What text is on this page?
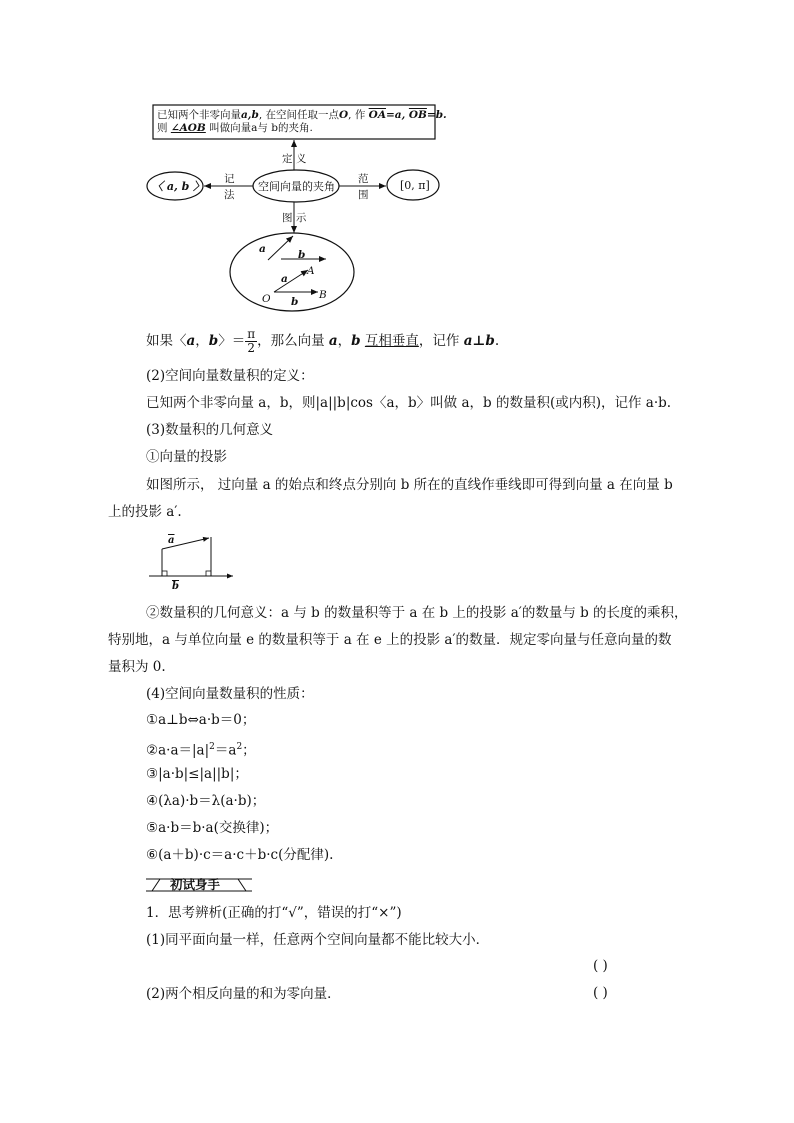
已知两个非零向量a,b, 在空间任取一点O, 作 $\overline{OA}=a$, $\overline{OB}=b$.
则 ∠AOB 叫做向量a与 b的夹角.
定 义
空间向量的夹角
〈 a, b 〉	[0, π]
记
法
范
围
图 示
a	b
a
A
O b
B
如果〈a，b〉＝ $\frac{\pi}{2}$ ，那么向量 a，b 互相垂直，记作 a⊥b.
(2)空间向量数量积的定义：
已知两个非零向量 a，b，则|a||b|cos〈a，b〉叫做 a，b 的数量积(或内积)，记作 a·b.
(3)数量积的几何意义
①向量的投影
如图所示， 过向量 a 的始点和终点分别向 b 所在的直线作垂线即可得到向量 a 在向量 b
上的投影 a′.
$\overline{a}$
$\overline{b}$
②数量积的几何意义：a 与 b 的数量积等于 a 在 b 上的投影 a′的数量与 b 的长度的乘积，
特别地，a 与单位向量 e 的数量积等于 a 在 e 上的投影 a′的数量．规定零向量与任意向量的数
量积为 0.
(4)空间向量数量积的性质：
①a⊥b⇔a·b＝0；
$②a\cdot a=|a|^2=a^2$；
③|a·b|≤|a||b|；
④(λa)·b＝λ(a·b)；
⑤a·b＝b·a(交换律)；
⑥(a＋b)·c＝a·c＋b·c(分配律).
初试身手
1．思考辨析(正确的打“√”，错误的打“×”)
(1)同平面向量一样，任意两个空间向量都不能比较大小．
( )
(2)两个相反向量的和为零向量．	( )
